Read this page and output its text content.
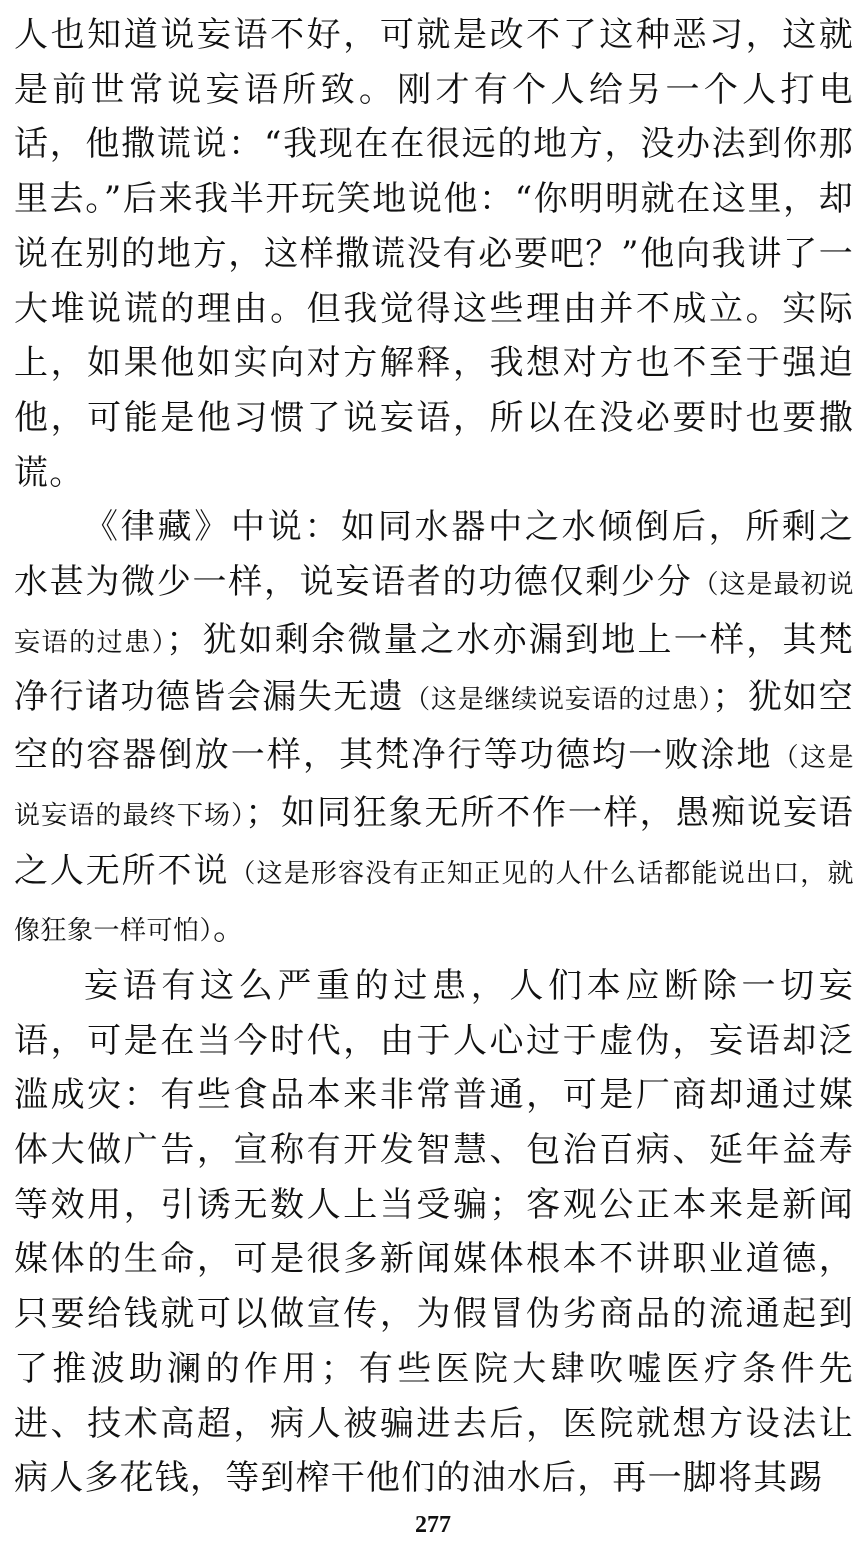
人也知道说妄语不好，可就是改不了这种恶习，这就是前世常说妄语所致。刚才有个人给另一个人打电话，他撒谎说：“我现在在很远的地方，没办法到你那里去。”后来我半开玩笑地说他：“你明明就在这里，却说在别的地方，这样撒谎没有必要吧？”他向我讲了一大堆说谎的理由。但我觉得这些理由并不成立。实际上，如果他如实向对方解释，我想对方也不至于强迫他，可能是他习惯了说妄语，所以在没必要时也要撒谎。

《律藏》中说：如同水器中之水倾倒后，所剩之水甚为微少一样，说妄语者的功德仅剩少分（这是最初说妄语的过患）；犹如剩余微量之水亦漏到地上一样，其梵净行诸功德皆会漏失无遗（这是继续说妄语的过患）；犹如空空的容器倒放一样，其梵净行等功德均一败涂地（这是说妄语的最终下场）；如同狂象无所不作一样，愚痴说妄语之人无所不说（这是形容没有正知正见的人什么话都能说出口，就像狂象一样可怕）。

妄语有这么严重的过患，人们本应断除一切妄语，可是在当今时代，由于人心过于虚伪，妄语却泛滥成灾：有些食品本来非常普通，可是厂商却通过媒体大做广告，宣称有开发智慧、包治百病、延年益寿等效用，引诱无数人上当受骗；客观公正本来是新闻媒体的生命，可是很多新闻媒体根本不讲职业道德，只要给钱就可以做宣传，为假冒伪劣商品的流通起到了推波助澜的作用；有些医院大肆吹嘘医疗条件先进、技术高超，病人被骗进去后，医院就想方设法让病人多花钱，等到榨干他们的油水后，再一脚将其踢

277
